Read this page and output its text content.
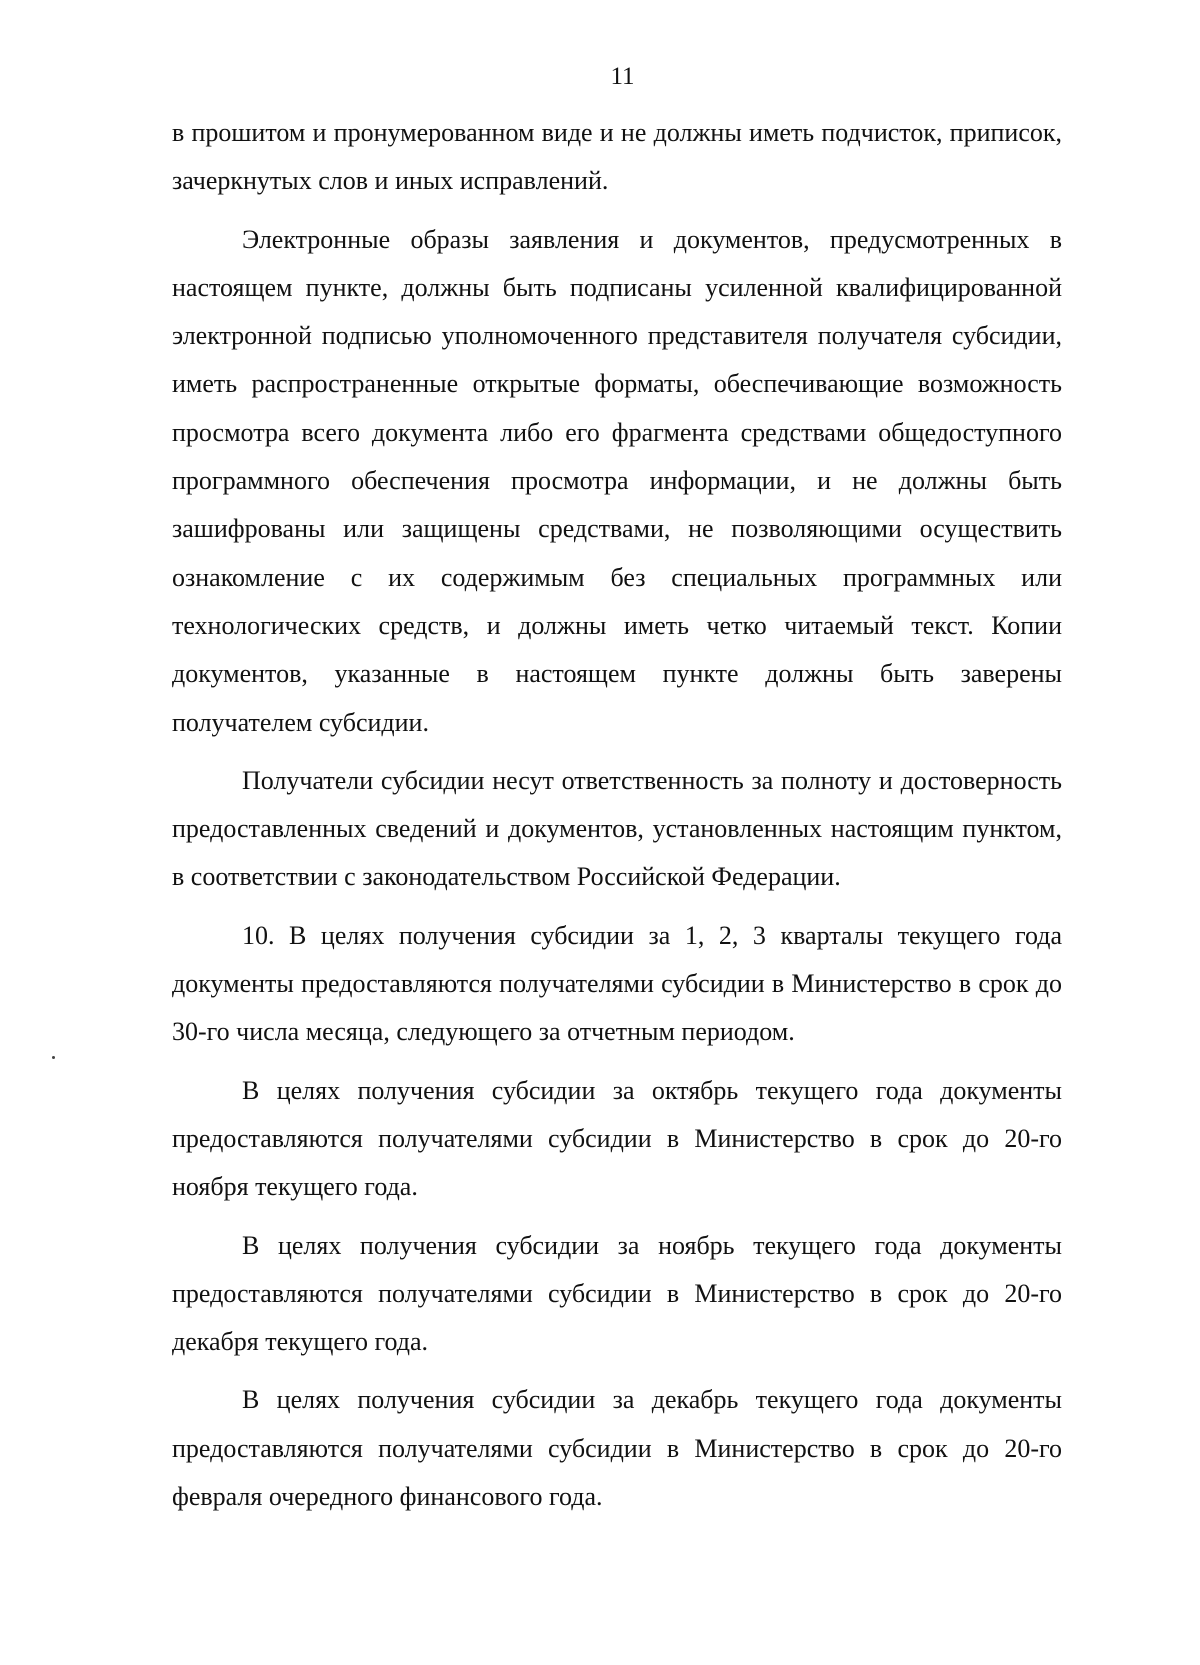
11

в прошитом и пронумерованном виде и не должны иметь подчисток, приписок, зачеркнутых слов и иных исправлений.

Электронные образы заявления и документов, предусмотренных в настоящем пункте, должны быть подписаны усиленной квалифицированной электронной подписью уполномоченного представителя получателя субсидии, иметь распространенные открытые форматы, обеспечивающие возможность просмотра всего документа либо его фрагмента средствами общедоступного программного обеспечения просмотра информации, и не должны быть зашифрованы или защищены средствами, не позволяющими осуществить ознакомление с их содержимым без специальных программных или технологических средств, и должны иметь четко читаемый текст. Копии документов, указанные в настоящем пункте должны быть заверены получателем субсидии.

Получатели субсидии несут ответственность за полноту и достоверность предоставленных сведений и документов, установленных настоящим пунктом, в соответствии с законодательством Российской Федерации.

10. В целях получения субсидии за 1, 2, 3 кварталы текущего года документы предоставляются получателями субсидии в Министерство в срок до 30-го числа месяца, следующего за отчетным периодом.

В целях получения субсидии за октябрь текущего года документы предоставляются получателями субсидии в Министерство в срок до 20-го ноября текущего года.

В целях получения субсидии за ноябрь текущего года документы предоставляются получателями субсидии в Министерство в срок до 20-го декабря текущего года.

В целях получения субсидии за декабрь текущего года документы предоставляются получателями субсидии в Министерство в срок до 20-го февраля очередного финансового года.
